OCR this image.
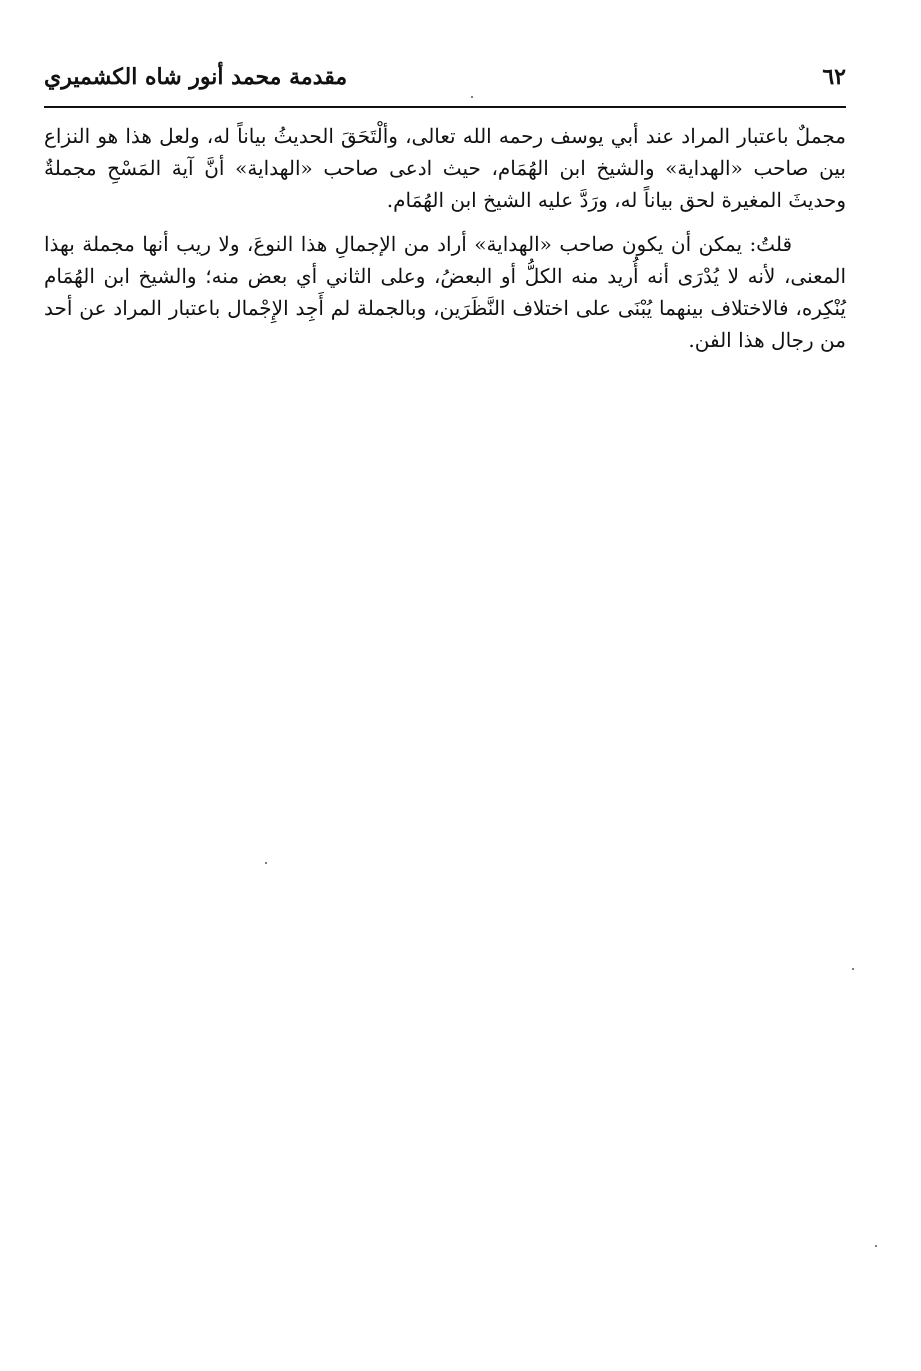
٦٢
مقدمة محمد أنور شاه الكشميري

مجملٌ باعتبار المراد عند أبي يوسف رحمه الله تعالى، وألْتَحَقَ الحديثُ بياناً له، ولعل هذا هو النزاع بين صاحب «الهداية» والشيخ ابن الهُمَام، حيث ادعى صاحب «الهداية» أنَّ آية المَسْحِ مجملةٌ وحديثَ المغيرة لحق بياناً له، ورَدَّ عليه الشيخ ابن الهُمَام.

قلتُ: يمكن أن يكون صاحب «الهداية» أراد من الإجمالِ هذا النوعَ، ولا ريب أنها مجملة بهذا المعنى، لأنه لا يُدْرَى أنه أُريد منه الكلُّ أو البعضُ، وعلى الثاني أي بعض منه؛ والشيخ ابن الهُمَام يُنْكِره، فالاختلاف بينهما يُبْنَى على اختلاف النَّظَرَين، وبالجملة لم أَجِد الإِجْمال باعتبار المراد عن أحد من رجال هذا الفن.
